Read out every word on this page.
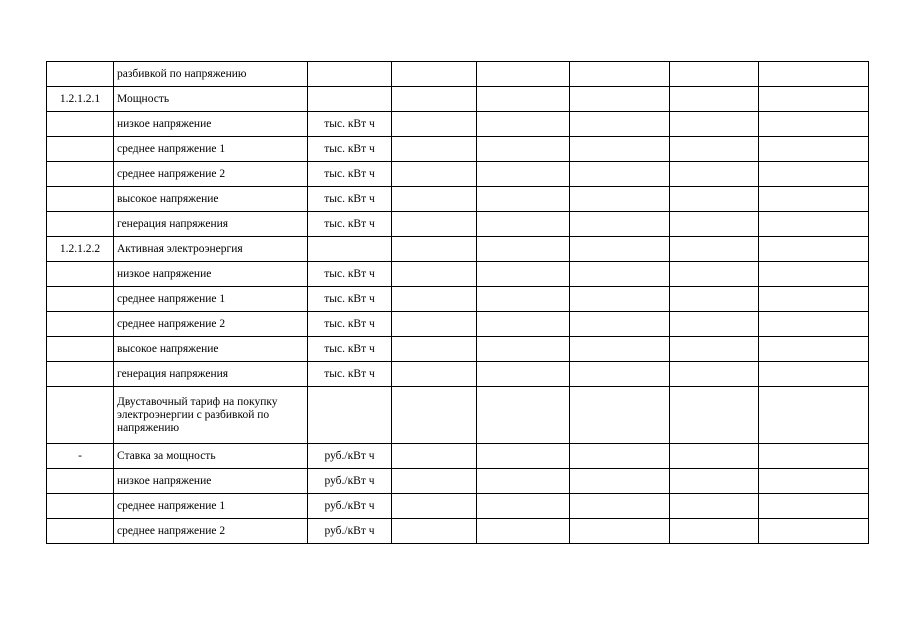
	разбивкой по напряжению						
1.2.1.2.1	Мощность						
	низкое напряжение	тыс. кВт ч					
	среднее напряжение 1	тыс. кВт ч					
	среднее напряжение 2	тыс. кВт ч					
	высокое напряжение	тыс. кВт ч					
	генерация напряжения	тыс. кВт ч					
1.2.1.2.2	Активная электроэнергия						
	низкое напряжение	тыс. кВт ч					
	среднее напряжение 1	тыс. кВт ч					
	среднее напряжение 2	тыс. кВт ч					
	высокое напряжение	тыс. кВт ч					
	генерация напряжения	тыс. кВт ч					
	Двуставочный тариф на покупку электроэнергии с разбивкой по напряжению						
-	Ставка за мощность	руб./кВт ч					
	низкое напряжение	руб./кВт ч					
	среднее напряжение 1	руб./кВт ч					
	среднее напряжение 2	руб./кВт ч					
